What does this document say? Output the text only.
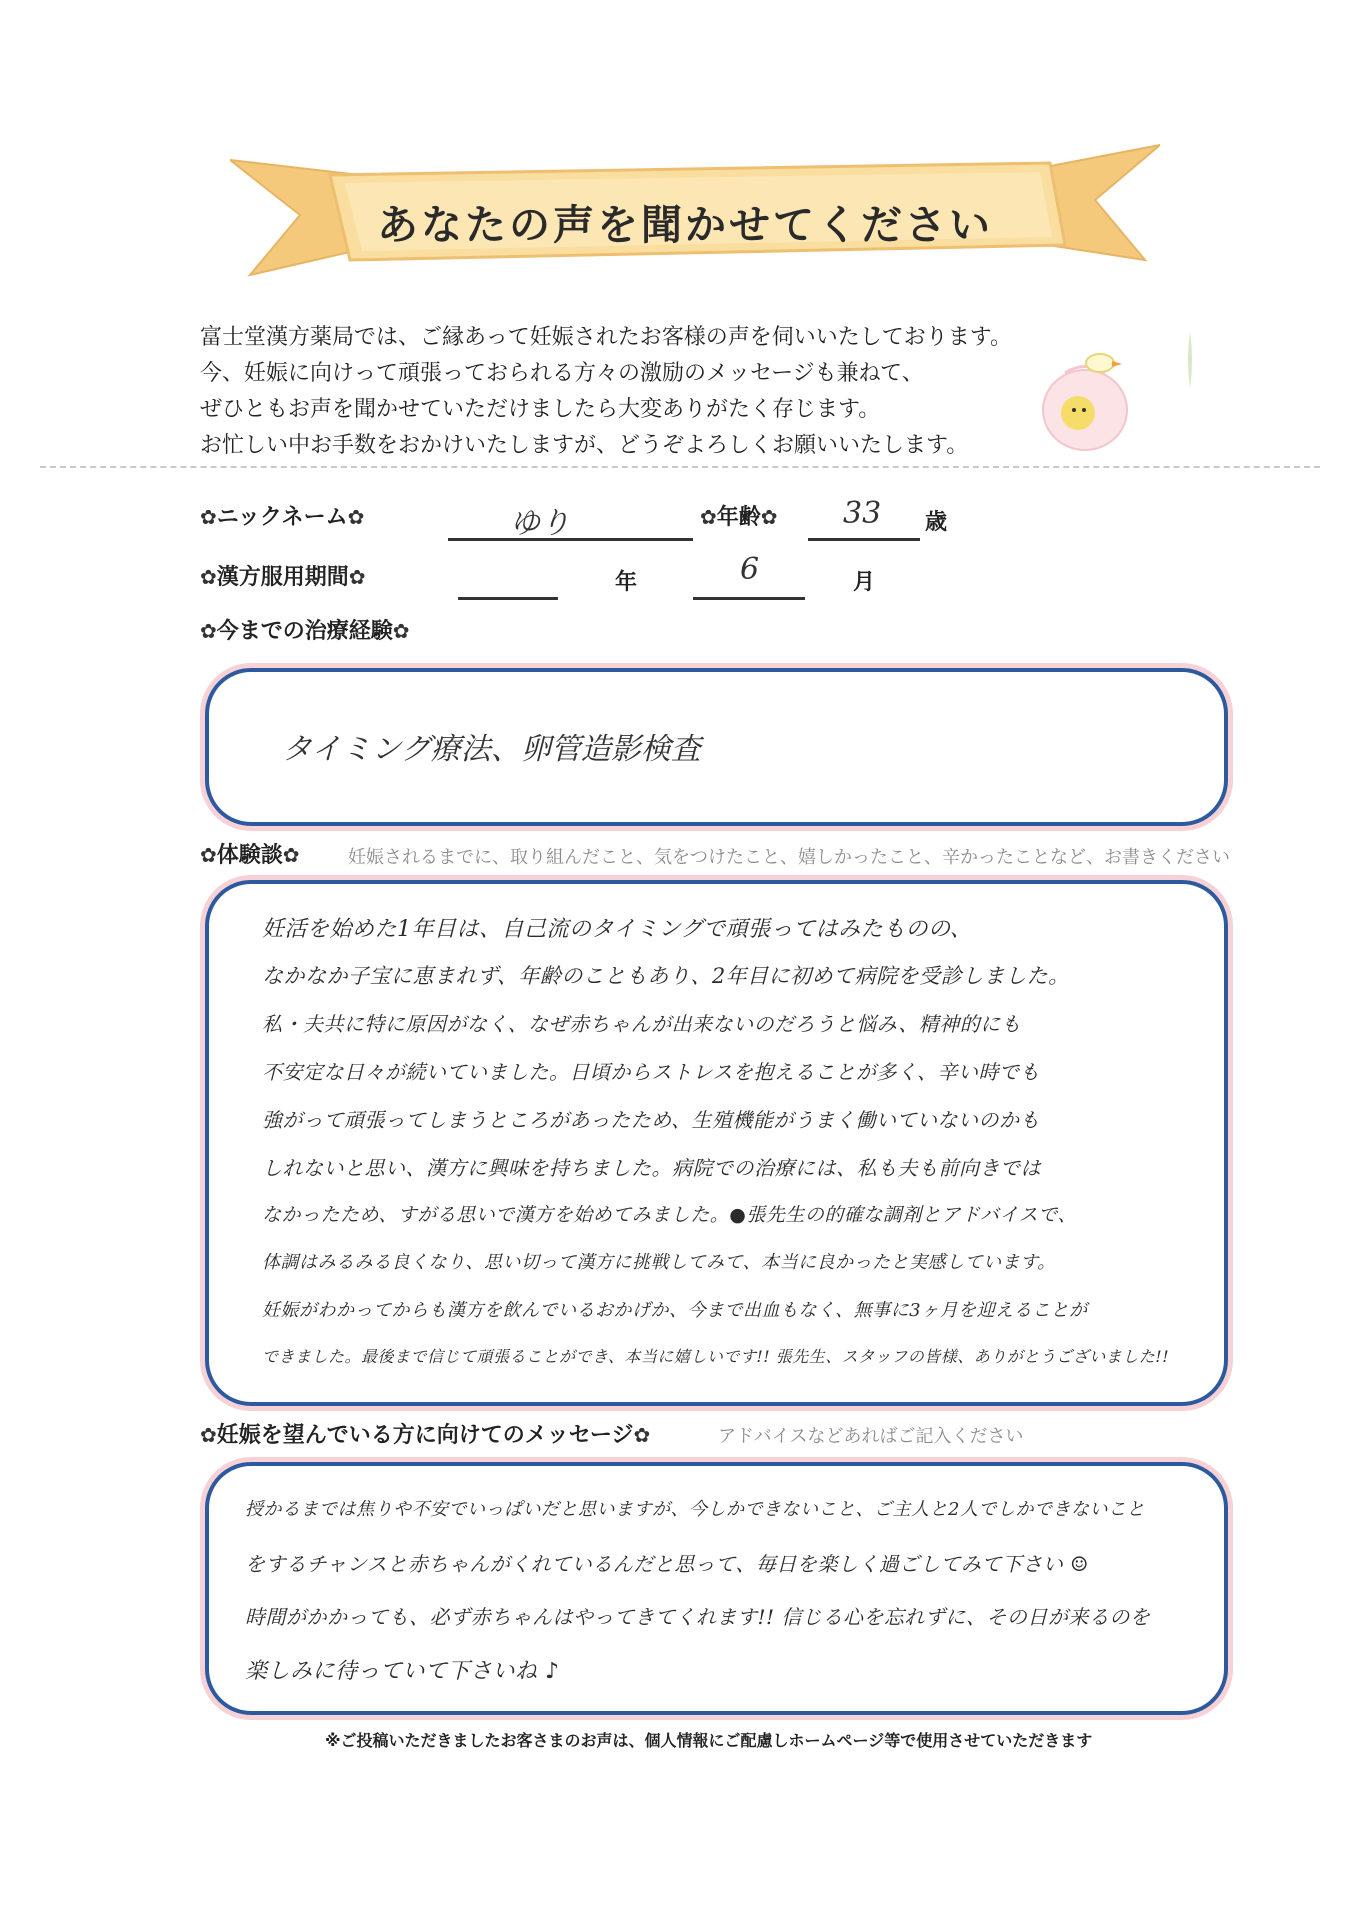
あなたの声を聞かせてください
富士堂漢方薬局では、ご縁あって妊娠されたお客様の声を伺いいたしております。
今、妊娠に向けって頑張っておられる方々の激励のメッセージも兼ねて、
ぜひともお声を聞かせていただけましたら大変ありがたく存じます。
お忙しい中お手数をおかけいたしますが、どうぞよろしくお願いいたします。
✿ニックネーム✿	ゆり	✿年齢✿ 33 歳
✿漢方服用期間✿	年	6	月
✿今までの治療経験✿
タイミング療法、卵管造影検査
✿体験談✿	妊娠されるまでに、取り組んだこと、気をつけたこと、嬉しかったこと、辛かったことなど、お書きください
妊活を始めた1年目は、自己流のタイミングで頑張ってはみたものの、
なかなか子宝に恵まれず、年齢のこともあり、2年目に初めて病院を受診しました。
私・夫共に特に原因がなく、なぜ赤ちゃんが出来ないのだろうと悩み、精神的にも
不安定な日々が続いていました。日頃からストレスを抱えることが多く、辛い時でも
強がって頑張ってしまうところがあったため、生殖機能がうまく働いていないのかも
しれないと思い、漢方に興味を持ちました。病院での治療には、私も夫も前向きでは
なかったため、すがる思いで漢方を始めてみました。●張先生の的確な調剤とアドバイスで、
体調はみるみる良くなり、思い切って漢方に挑戦してみて、本当に良かったと実感しています。
妊娠がわかってからも漢方を飲んでいるおかげか、今まで出血もなく、無事に3ヶ月を迎えることが
できました。最後まで信じて頑張ることができ、本当に嬉しいです!! 張先生、スタッフの皆様、ありがとうございました!!
✿妊娠を望んでいる方に向けてのメッセージ✿	アドバイスなどあればご記入ください
授かるまでは焦りや不安でいっぱいだと思いますが、今しかできないこと、ご主人と2人でしかできないこと
をするチャンスと赤ちゃんがくれているんだと思って、毎日を楽しく過ごしてみて下さい ☺
時間がかかっても、必ず赤ちゃんはやってきてくれます!! 信じる心を忘れずに、その日が来るのを
楽しみに待っていて下さいね ♪
※ご投稿いただきましたお客さまのお声は、個人情報にご配慮しホームページ等で使用させていただきます
